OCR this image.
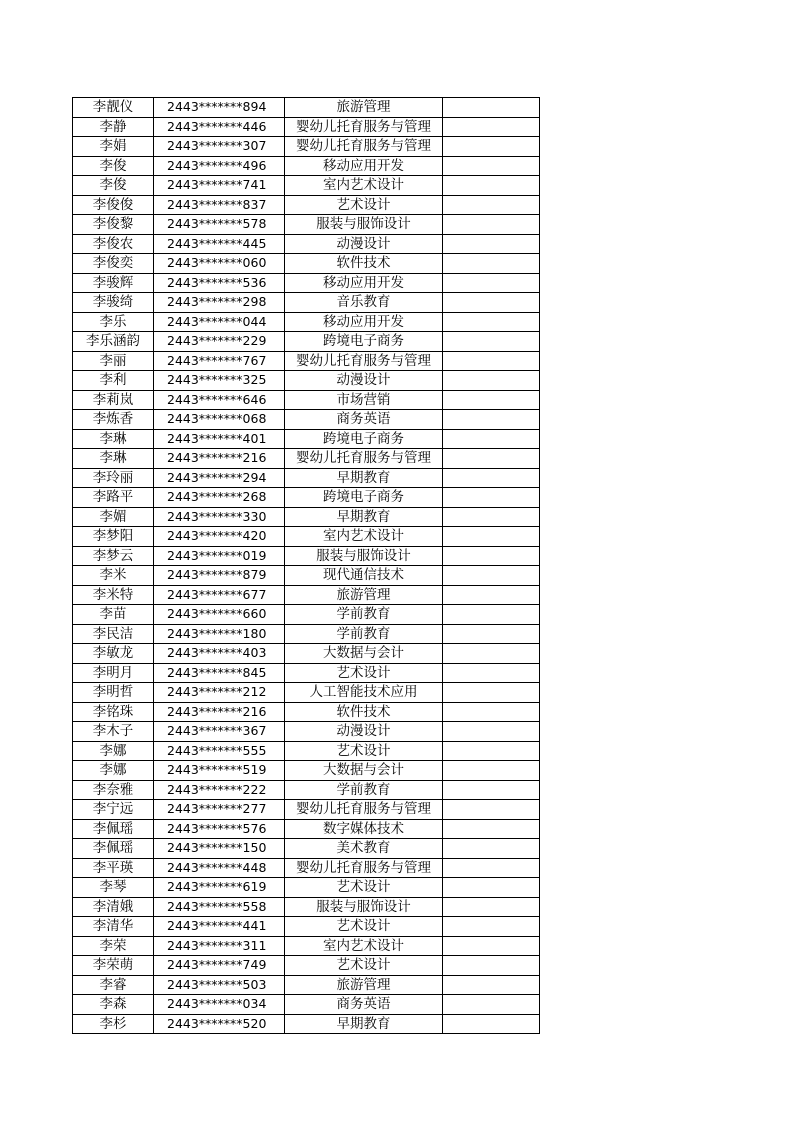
李靓仪	2443*******894	旅游管理	
李静	2443*******446	婴幼儿托育服务与管理	
李娟	2443*******307	婴幼儿托育服务与管理	
李俊	2443*******496	移动应用开发	
李俊	2443*******741	室内艺术设计	
李俊俊	2443*******837	艺术设计	
李俊黎	2443*******578	服装与服饰设计	
李俊农	2443*******445	动漫设计	
李俊奕	2443*******060	软件技术	
李骏辉	2443*******536	移动应用开发	
李骏绮	2443*******298	音乐教育	
李乐	2443*******044	移动应用开发	
李乐涵韵	2443*******229	跨境电子商务	
李丽	2443*******767	婴幼儿托育服务与管理	
李利	2443*******325	动漫设计	
李莉岚	2443*******646	市场营销	
李炼香	2443*******068	商务英语	
李琳	2443*******401	跨境电子商务	
李琳	2443*******216	婴幼儿托育服务与管理	
李玲丽	2443*******294	早期教育	
李路平	2443*******268	跨境电子商务	
李媚	2443*******330	早期教育	
李梦阳	2443*******420	室内艺术设计	
李梦云	2443*******019	服装与服饰设计	
李米	2443*******879	现代通信技术	
李米特	2443*******677	旅游管理	
李苗	2443*******660	学前教育	
李民洁	2443*******180	学前教育	
李敏龙	2443*******403	大数据与会计	
李明月	2443*******845	艺术设计	
李明哲	2443*******212	人工智能技术应用	
李铭珠	2443*******216	软件技术	
李木子	2443*******367	动漫设计	
李娜	2443*******555	艺术设计	
李娜	2443*******519	大数据与会计	
李奈雅	2443*******222	学前教育	
李宁远	2443*******277	婴幼儿托育服务与管理	
李佩瑶	2443*******576	数字媒体技术	
李佩瑶	2443*******150	美术教育	
李平瑛	2443*******448	婴幼儿托育服务与管理	
李琴	2443*******619	艺术设计	
李清娥	2443*******558	服装与服饰设计	
李清华	2443*******441	艺术设计	
李荣	2443*******311	室内艺术设计	
李荣萌	2443*******749	艺术设计	
李睿	2443*******503	旅游管理	
李森	2443*******034	商务英语	
李杉	2443*******520	早期教育	
